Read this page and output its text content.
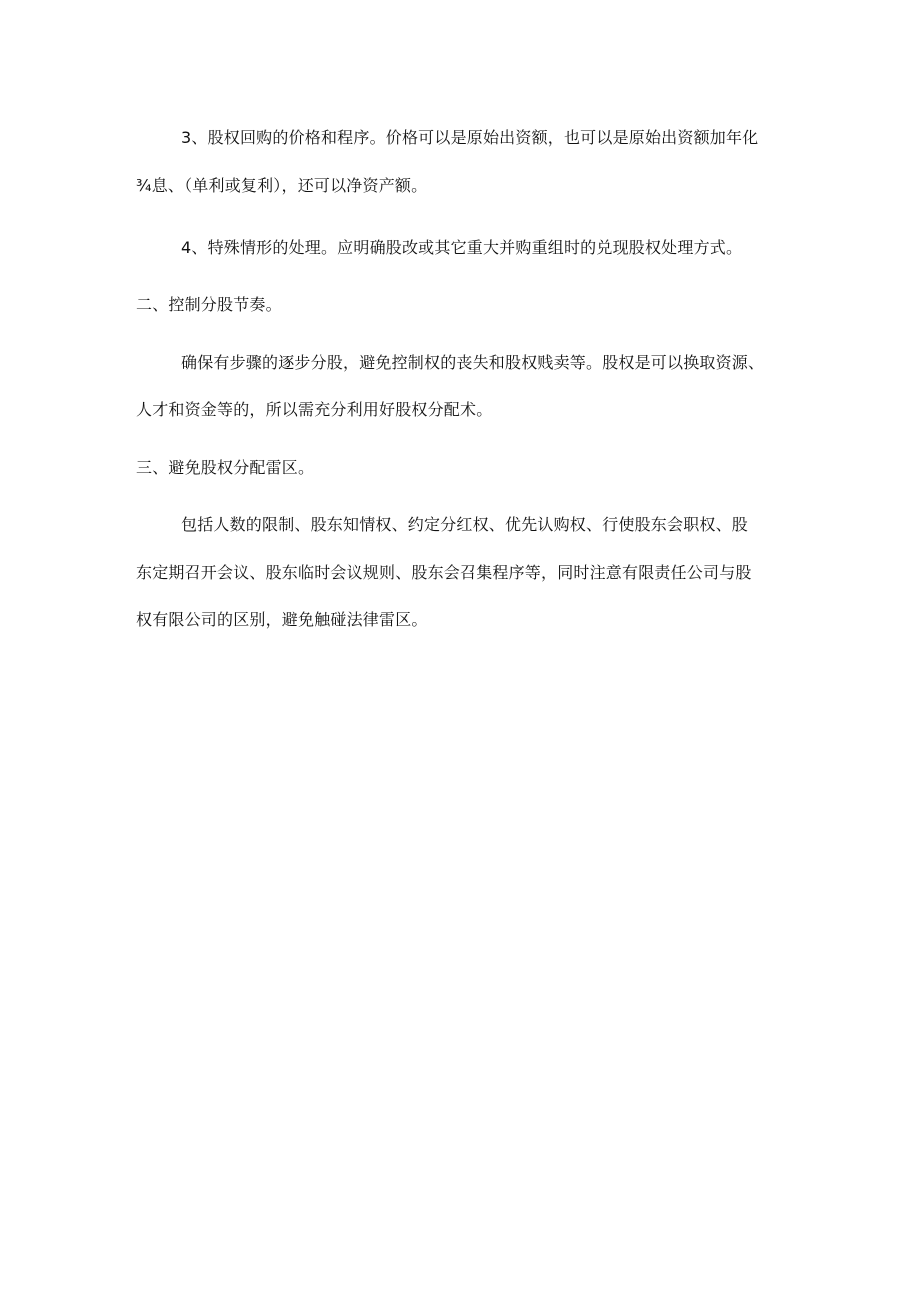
3、股权回购的价格和程序。价格可以是原始出资额，也可以是原始出资额加年化
¾息、（单利或复利），还可以净资产额。
4、特殊情形的处理。应明确股改或其它重大并购重组时的兑现股权处理方式。
二、控制分股节奏。
确保有步骤的逐步分股，避免控制权的丧失和股权贱卖等。股权是可以换取资源、
人才和资金等的，所以需充分利用好股权分配术。
三、避免股权分配雷区。
包括人数的限制、股东知情权、约定分红权、优先认购权、行使股东会职权、股
东定期召开会议、股东临时会议规则、股东会召集程序等，同时注意有限责任公司与股
权有限公司的区别，避免触碰法律雷区。
